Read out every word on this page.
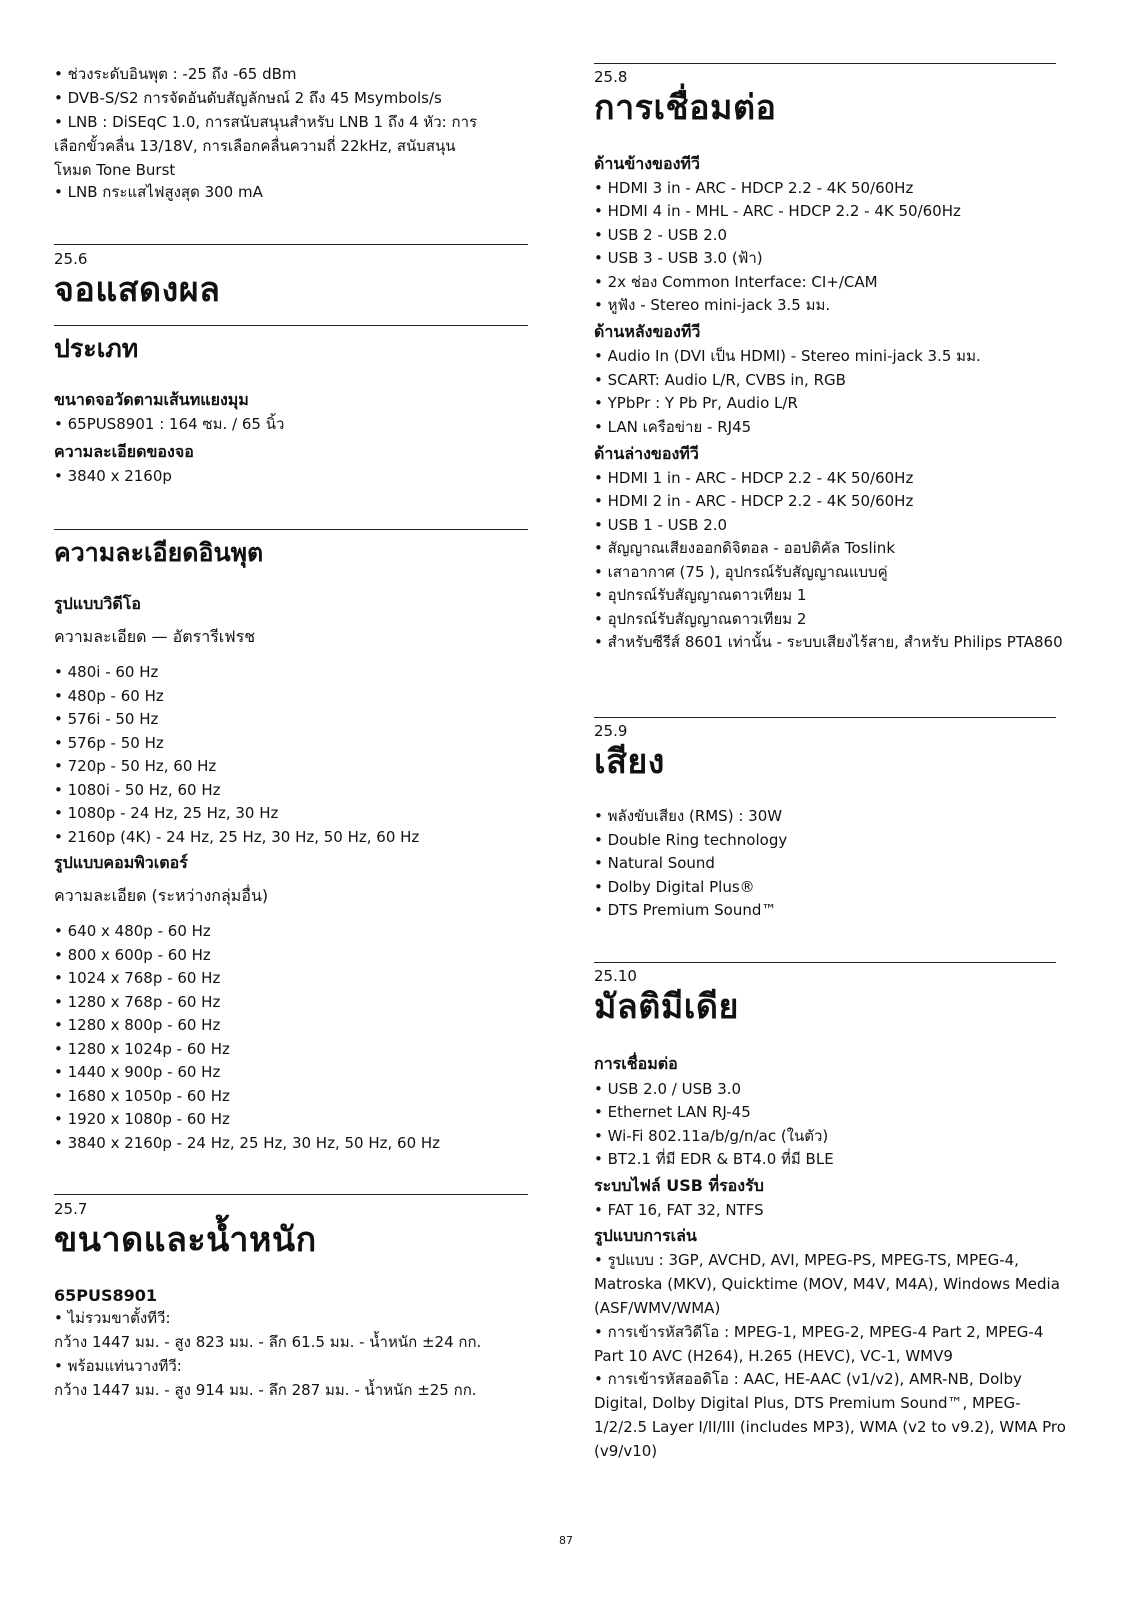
• ช่วงระดับอินพุต : -25 ถึง -65 dBm
• DVB-S/S2 การจัดอันดับสัญลักษณ์ 2 ถึง 45 Msymbols/s
• LNB : DiSEqC 1.0, การสนับสนุนสำหรับ LNB 1 ถึง 4 หัว: การเลือกขั้วคลื่น 13/18V, การเลือกคลื่นความถี่ 22kHz, สนับสนุนโหมด Tone Burst
• LNB กระแสไฟสูงสุด 300 mA
25.6
จอแสดงผล
ประเภท
ขนาดจอวัดตามเส้นทแยงมุม
• 65PUS8901 : 164 ซม. / 65 นิ้ว
ความละเอียดของจอ
• 3840 x 2160p
ความละเอียดอินพุต
รูปแบบวิดีโอ
ความละเอียด — อัตรารีเฟรช
• 480i - 60 Hz
• 480p - 60 Hz
• 576i - 50 Hz
• 576p - 50 Hz
• 720p - 50 Hz, 60 Hz
• 1080i - 50 Hz, 60 Hz
• 1080p - 24 Hz, 25 Hz, 30 Hz
• 2160p (4K) - 24 Hz, 25 Hz, 30 Hz, 50 Hz, 60 Hz
รูปแบบคอมพิวเตอร์
ความละเอียด (ระหว่างกลุ่มอื่น)
• 640 x 480p - 60 Hz
• 800 x 600p - 60 Hz
• 1024 x 768p - 60 Hz
• 1280 x 768p - 60 Hz
• 1280 x 800p - 60 Hz
• 1280 x 1024p - 60 Hz
• 1440 x 900p - 60 Hz
• 1680 x 1050p - 60 Hz
• 1920 x 1080p - 60 Hz
• 3840 x 2160p - 24 Hz, 25 Hz, 30 Hz, 50 Hz, 60 Hz
25.7
ขนาดและน้ำหนัก
65PUS8901
• ไม่รวมขาตั้งทีวี:
กว้าง 1447 มม. - สูง 823 มม. - ลึก 61.5 มม. - น้ำหนัก ±24 กก.
• พร้อมแท่นวางทีวี:
กว้าง 1447 มม. - สูง 914 มม. - ลึก 287 มม. - น้ำหนัก ±25 กก.
25.8
การเชื่อมต่อ
ด้านข้างของทีวี
• HDMI 3 in - ARC - HDCP 2.2 - 4K 50/60Hz
• HDMI 4 in - MHL - ARC - HDCP 2.2 - 4K 50/60Hz
• USB 2 - USB 2.0
• USB 3 - USB 3.0 (ฟ้า)
• 2x ช่อง Common Interface: CI+/CAM
• หูฟัง - Stereo mini-jack 3.5 มม.
ด้านหลังของทีวี
• Audio In (DVI เป็น HDMI) - Stereo mini-jack 3.5 มม.
• SCART: Audio L/R, CVBS in, RGB
• YPbPr : Y Pb Pr, Audio L/R
• LAN เครือข่าย - RJ45
ด้านล่างของทีวี
• HDMI 1 in - ARC - HDCP 2.2 - 4K 50/60Hz
• HDMI 2 in - ARC - HDCP 2.2 - 4K 50/60Hz
• USB 1 - USB 2.0
• สัญญาณเสียงออกดิจิตอล - ออปติคัล Toslink
• เสาอากาศ (75 ), อุปกรณ์รับสัญญาณแบบคู่
• อุปกรณ์รับสัญญาณดาวเทียม 1
• อุปกรณ์รับสัญญาณดาวเทียม 2
• สำหรับซีรีส์ 8601 เท่านั้น - ระบบเสียงไร้สาย, สำหรับ Philips PTA860
25.9
เสียง
• พลังขับเสียง (RMS) : 30W
• Double Ring technology
• Natural Sound
• Dolby Digital Plus®
• DTS Premium Sound™
25.10
มัลติมีเดีย
การเชื่อมต่อ
• USB 2.0 / USB 3.0
• Ethernet LAN RJ-45
• Wi-Fi 802.11a/b/g/n/ac (ในตัว)
• BT2.1 ที่มี EDR & BT4.0 ที่มี BLE
ระบบไฟล์ USB ที่รองรับ
• FAT 16, FAT 32, NTFS
รูปแบบการเล่น
• รูปแบบ : 3GP, AVCHD, AVI, MPEG-PS, MPEG-TS, MPEG-4, Matroska (MKV), Quicktime (MOV, M4V, M4A), Windows Media (ASF/WMV/WMA)
• การเข้ารหัสวิดีโอ : MPEG-1, MPEG-2, MPEG-4 Part 2, MPEG-4 Part 10 AVC (H264), H.265 (HEVC), VC-1, WMV9
• การเข้ารหัสออดิโอ : AAC, HE-AAC (v1/v2), AMR-NB, Dolby Digital, Dolby Digital Plus, DTS Premium Sound™, MPEG-1/2/2.5 Layer I/II/III (includes MP3), WMA (v2 to v9.2), WMA Pro (v9/v10)
87
